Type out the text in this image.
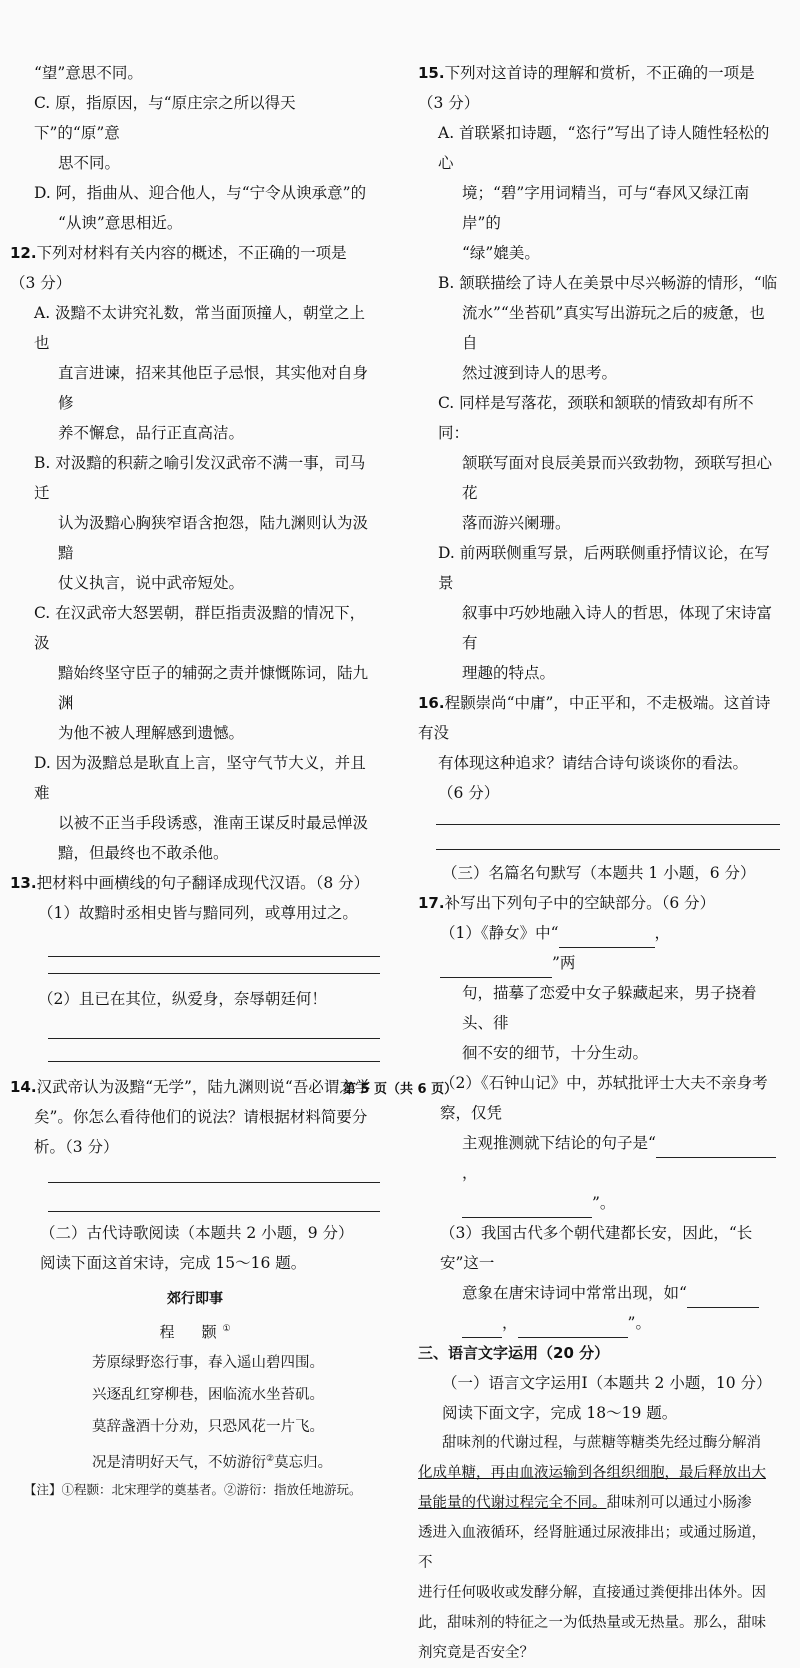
“望”意思不同。

C. 原，指原因，与“原庄宗之所以得天下”的“原”意

思不同。

D. 阿，指曲从、迎合他人，与“宁令从谀承意”的

“从谀”意思相近。

12.下列对材料有关内容的概述，不正确的一项是

（3 分）

A. 汲黯不太讲究礼数，常当面顶撞人，朝堂之上也

直言进谏，招来其他臣子忌恨，其实他对自身修

养不懈怠，品行正直高洁。

B. 对汲黯的积薪之喻引发汉武帝不满一事，司马迁

认为汲黯心胸狭窄语含抱怨，陆九渊则认为汲黯

仗义执言，说中武帝短处。

C. 在汉武帝大怒罢朝，群臣指责汲黯的情况下，汲

黯始终坚守臣子的辅弼之责并慷慨陈词，陆九渊

为他不被人理解感到遗憾。

D. 因为汲黯总是耿直上言，坚守气节大义，并且难

以被不正当手段诱惑，淮南王谋反时最忌惮汲

黯，但最终也不敢杀他。

13.把材料中画横线的句子翻译成现代汉语。（8 分）

（1）故黯时丞相史皆与黯同列，或尊用过之。

（2）且已在其位，纵爱身，奈辱朝廷何！

14.汉武帝认为汲黯“无学”，陆九渊则说“吾必谓之学

矣”。你怎么看待他们的说法？请根据材料简要分

析。（3 分）

（二）古代诗歌阅读（本题共 2 小题，9 分）

阅读下面这首宋诗，完成 15～16 题。

郊行即事

程　颢①

芳原绿野恣行事，春入遥山碧四围。

兴逐乱红穿柳巷，困临流水坐苔矶。

莫辞盏酒十分劝，只恐风花一片飞。

况是清明好天气，不妨游衍②莫忘归。

【注】①程颢：北宋理学的奠基者。②游衍：指放任地游玩。

15.下列对这首诗的理解和赏析，不正确的一项是

（3 分）

A. 首联紧扣诗题，“恣行”写出了诗人随性轻松的心

境；“碧”字用词精当，可与“春风又绿江南岸”的

“绿”媲美。

B. 颔联描绘了诗人在美景中尽兴畅游的情形，“临

流水”“坐苔矶”真实写出游玩之后的疲惫，也自

然过渡到诗人的思考。

C. 同样是写落花，颈联和颔联的情致却有所不同：

颔联写面对良辰美景而兴致勃物，颈联写担心花

落而游兴阑珊。

D. 前两联侧重写景，后两联侧重抒情议论，在写景

叙事中巧妙地融入诗人的哲思，体现了宋诗富有

理趣的特点。

16.程颢崇尚“中庸”，中正平和，不走极端。这首诗有没

有体现这种追求？请结合诗句谈谈你的看法。

（6 分）

（三）名篇名句默写（本题共 1 小题，6 分）

17.补写出下列句子中的空缺部分。（6 分）

（1）《静女》中“	，”两

句，描摹了恋爱中女子躲藏起来，男子挠着头、徘

徊不安的细节，十分生动。

（2）《石钟山记》中，苏轼批评士大夫不亲身考察，仅凭

主观推测就下结论的句子是“，

”。

（3）我国古代多个朝代建都长安，因此，“长安”这一

意象在唐宋诗词中常常出现，如“

，	”。

三、语言文字运用（20 分）

（一）语言文字运用Ⅰ（本题共 2 小题，10 分）

阅读下面文字，完成 18～19 题。

甜味剂的代谢过程，与蔗糖等糖类先经过酶分解消

化成单糖，再由血液运输到各组织细胞，最后释放出大

量能量的代谢过程完全不同。甜味剂可以通过小肠渗

透进入血液循环，经肾脏通过尿液排出；或通过肠道，不

进行任何吸收或发酵分解，直接通过粪便排出体外。因

此，甜味剂的特征之一为低热量或无热量。那么，甜味

剂究竟是否安全？

第 5 页（共 6 页）
